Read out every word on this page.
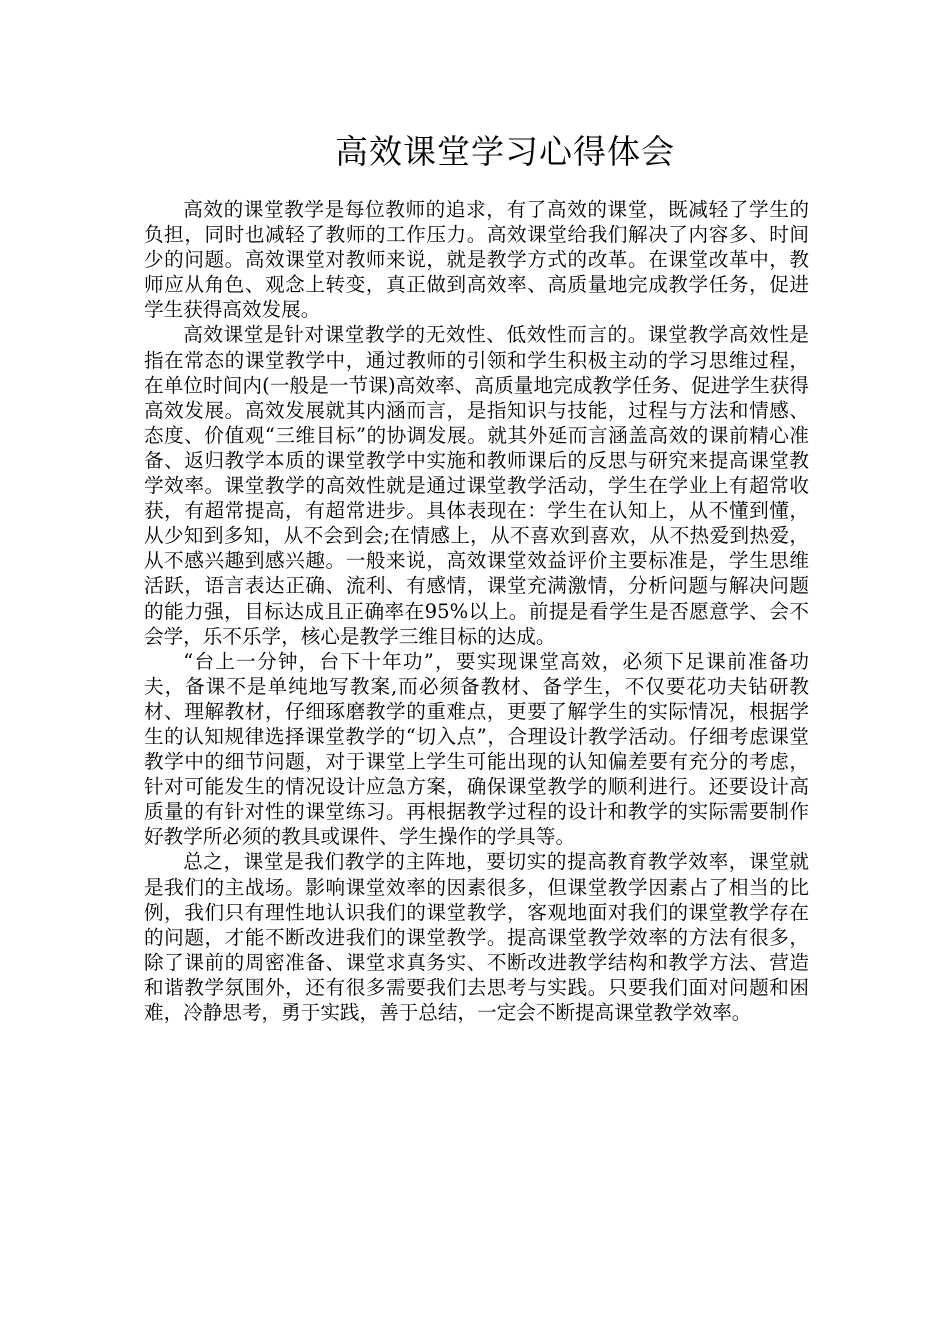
高效课堂学习心得体会

高效的课堂教学是每位教师的追求，有了高效的课堂，既减轻了学生的负担，同时也减轻了教师的工作压力。高效课堂给我们解决了内容多、时间少的问题。高效课堂对教师来说，就是教学方式的改革。在课堂改革中，教师应从角色、观念上转变，真正做到高效率、高质量地完成教学任务，促进学生获得高效发展。

高效课堂是针对课堂教学的无效性、低效性而言的。课堂教学高效性是指在常态的课堂教学中，通过教师的引领和学生积极主动的学习思维过程，在单位时间内(一般是一节课)高效率、高质量地完成教学任务、促进学生获得高效发展。高效发展就其内涵而言，是指知识与技能，过程与方法和情感、态度、价值观“三维目标”的协调发展。就其外延而言涵盖高效的课前精心准备、返归教学本质的课堂教学中实施和教师课后的反思与研究来提高课堂教学效率。课堂教学的高效性就是通过课堂教学活动，学生在学业上有超常收获，有超常提高，有超常进步。具体表现在：学生在认知上，从不懂到懂，从少知到多知，从不会到会;在情感上，从不喜欢到喜欢，从不热爱到热爱，从不感兴趣到感兴趣。一般来说，高效课堂效益评价主要标准是，学生思维活跃，语言表达正确、流利、有感情，课堂充满激情，分析问题与解决问题的能力强，目标达成且正确率在95%以上。前提是看学生是否愿意学、会不会学，乐不乐学，核心是教学三维目标的达成。

“台上一分钟，台下十年功”，要实现课堂高效，必须下足课前准备功夫，备课不是单纯地写教案,而必须备教材、备学生，不仅要花功夫钻研教材、理解教材，仔细琢磨教学的重难点，更要了解学生的实际情况，根据学生的认知规律选择课堂教学的“切入点”，合理设计教学活动。仔细考虑课堂教学中的细节问题，对于课堂上学生可能出现的认知偏差要有充分的考虑，针对可能发生的情况设计应急方案，确保课堂教学的顺利进行。还要设计高质量的有针对性的课堂练习。再根据教学过程的设计和教学的实际需要制作好教学所必须的教具或课件、学生操作的学具等。

总之，课堂是我们教学的主阵地，要切实的提高教育教学效率，课堂就是我们的主战场。影响课堂效率的因素很多，但课堂教学因素占了相当的比例，我们只有理性地认识我们的课堂教学，客观地面对我们的课堂教学存在的问题，才能不断改进我们的课堂教学。提高课堂教学效率的方法有很多，除了课前的周密准备、课堂求真务实、不断改进教学结构和教学方法、营造和谐教学氛围外，还有很多需要我们去思考与实践。只要我们面对问题和困难，冷静思考，勇于实践，善于总结，一定会不断提高课堂教学效率。
